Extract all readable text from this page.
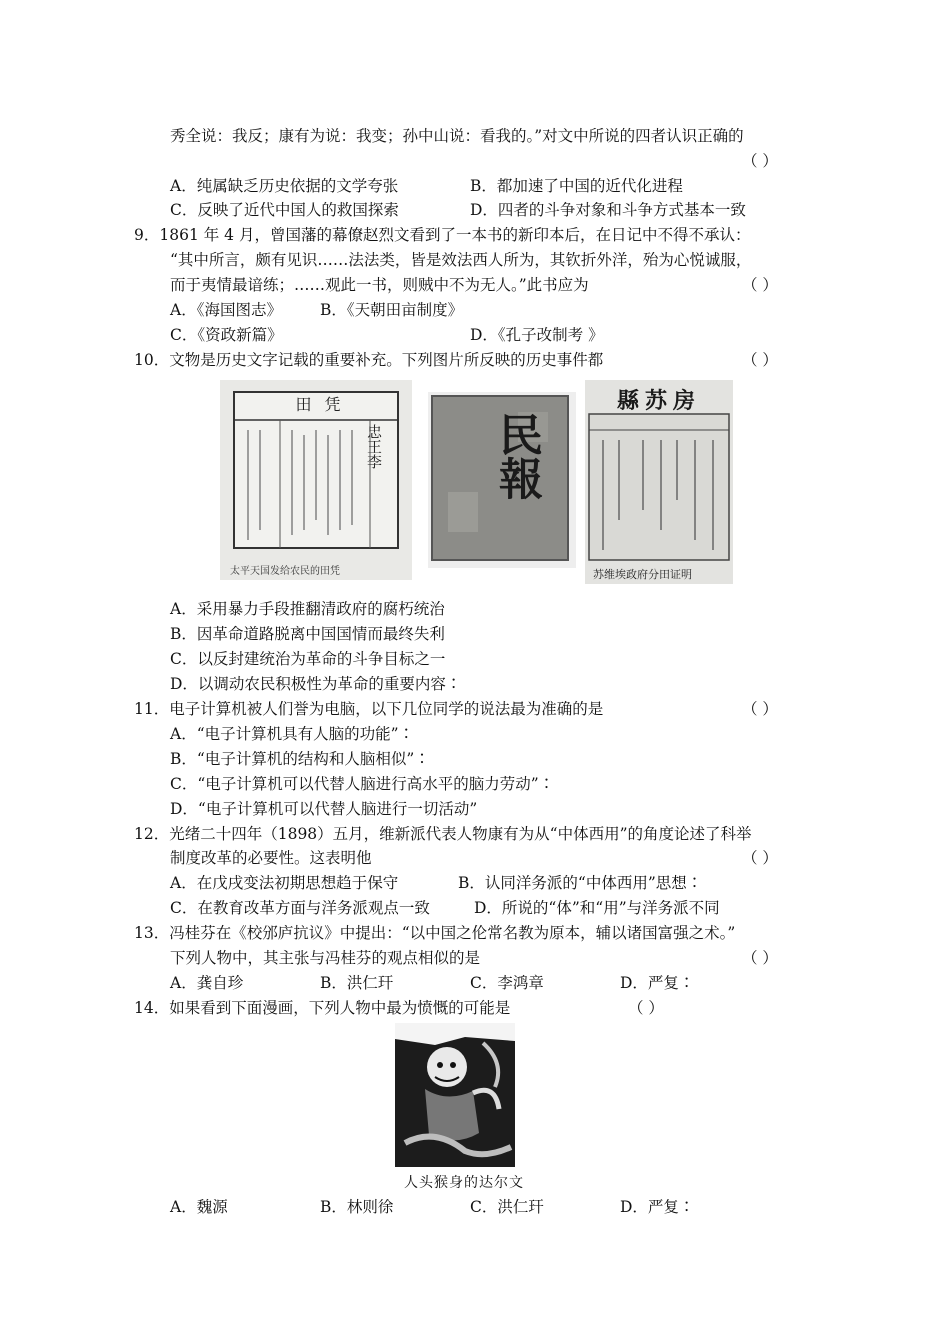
秀全说：我反；康有为说：我变；孙中山说：看我的。”对文中所说的四者认识正确的
（ ）
A．纯属缺乏历史依据的文学夸张	B．都加速了中国的近代化进程
C．反映了近代中国人的救国探索	D．四者的斗争对象和斗争方式基本一致
9．1861 年 4 月，曾国藩的幕僚赵烈文看到了一本书的新印本后，在日记中不得不承认：
“其中所言，颇有见识……法法类，皆是效法西人所为，其钦折外洋，殆为心悦诚服，
而于夷情最谙练；……观此一书，则贼中不为无人。”此书应为	（ ）
A．《海国图志》 B．《天朝田亩制度》
C．《资政新篇》	D．《孔子改制考 》
10．文物是历史文字记载的重要补充。下列图片所反映的历史事件都	（ ）
田 凭
太平天国发给农民的田凭
民報
縣苏房
苏维埃政府分田证明
A．采用暴力手段推翻清政府的腐朽统治
B．因革命道路脱离中国国情而最终失利
C．以反封建统治为革命的斗争目标之一
D．以调动农民积极性为革命的重要内容∶
11．电子计算机被人们誉为电脑，以下几位同学的说法最为准确的是	（ ）
A．“电子计算机具有人脑的功能”∶
B．“电子计算机的结构和人脑相似”∶
C．“电子计算机可以代替人脑进行高水平的脑力劳动”∶
D．“电子计算机可以代替人脑进行一切活动”
12．光绪二十四年（1898）五月，维新派代表人物康有为从“中体西用”的角度论述了科举
制度改革的必要性。这表明他	（ ）
A．在戊戌变法初期思想趋于保守	B．认同洋务派的“中体西用”思想∶
C．在教育改革方面与洋务派观点一致	D．所说的“体”和“用”与洋务派不同
13．冯桂芬在《校邠庐抗议》中提出：“以中国之伦常名教为原本，辅以诸国富强之术。”
下列人物中，其主张与冯桂芬的观点相似的是	（ ）
A．龚自珍	B．洪仁玕	C．李鸿章	D．严复∶
14．如果看到下面漫画，下列人物中最为愤慨的可能是	（ ）
人头猴身的达尔文
A．魏源	B．林则徐	C．洪仁玕	D．严复∶
